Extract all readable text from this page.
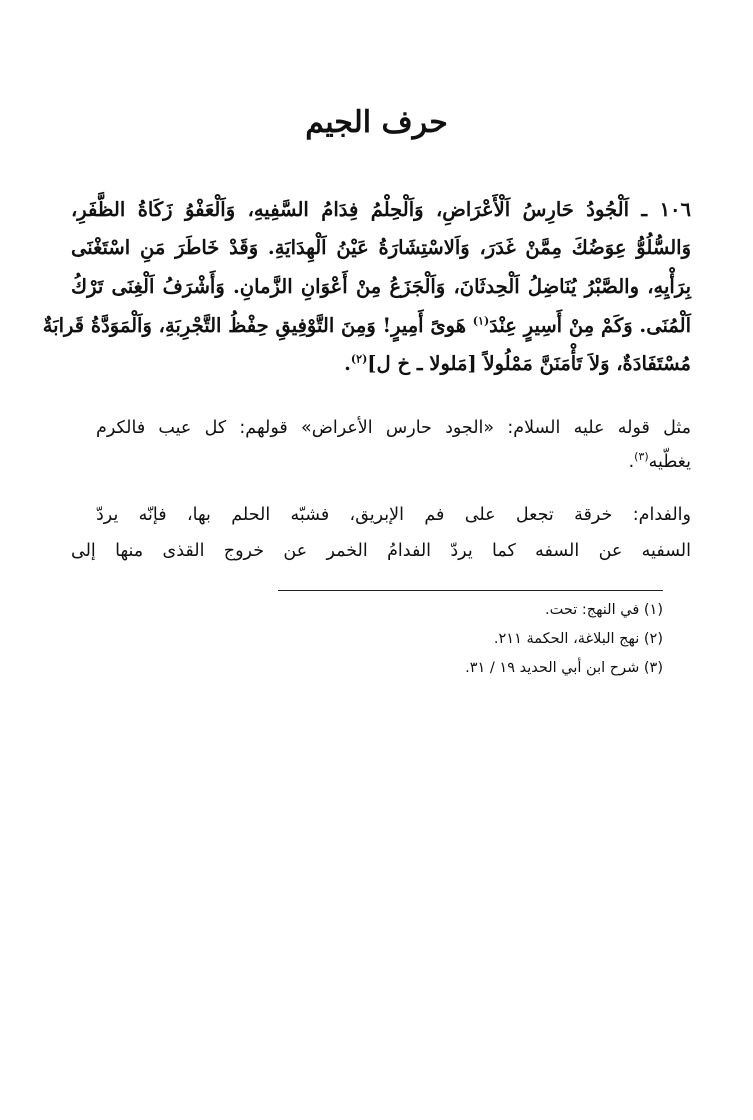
حرف الجيم
١٠٦ ـ اَلْجُودُ حَارِسُ اَلْأَعْرَاضِ، وَاَلْحِلْمُ فِدَامُ السَّفِيهِ، وَاَلْعَفْوُ زَكَاةُ الظَّفَرِ،
وَالسُّلُوُّ عِوَضُكَ مِمَّنْ غَدَرَ، وَاَلاسْتِشَارَةُ عَيْنُ اَلْهِدَايَةِ. وَقَدْ خَاطَرَ مَنِ اسْتَغْنَى
بِرَأْيِهِ، والصَّبْرُ يُنَاضِلُ اَلْحِدثَانَ، وَاَلْجَزَعُ مِنْ أَعْوَانِ الزَّمانِ. وَأَشْرَفُ اَلْغِنَى تَرْكُ
اَلْمُنَى. وَكَمْ مِنْ أَسِيرٍ عِنْدَ$^{(١)}$ هَوىً أَمِيرٍ! وَمِنَ التَّوْفِيقِ حِفْظُ التَّجْرِبَةِ، وَاَلْمَوَدَّةُ قَرابَةٌ
مُسْتَفَادَةٌ، وَلاَ تَأْمَنَنَّ مَمْلُولاً [مَلولا ـ خ ل]$^{(٢)}$.
مثل قوله عليه السلام: «الجود حارس الأعراض» قولهم: كل عيب فالكرم
يغطّيه$^{(٣)}$.
والفدام: خرقة تجعل على فم الإبريق، فشبّه الحلم بها، فإنّه يردّ
السفيه عن السفه كما يردّ الفدامُ الخمر عن خروج القذى منها إلى
(١) في النهج: تحت.
(٢) نهج البلاغة، الحكمة ٢١١.
(٣) شرح ابن أبي الحديد ١٩ / ٣١.
